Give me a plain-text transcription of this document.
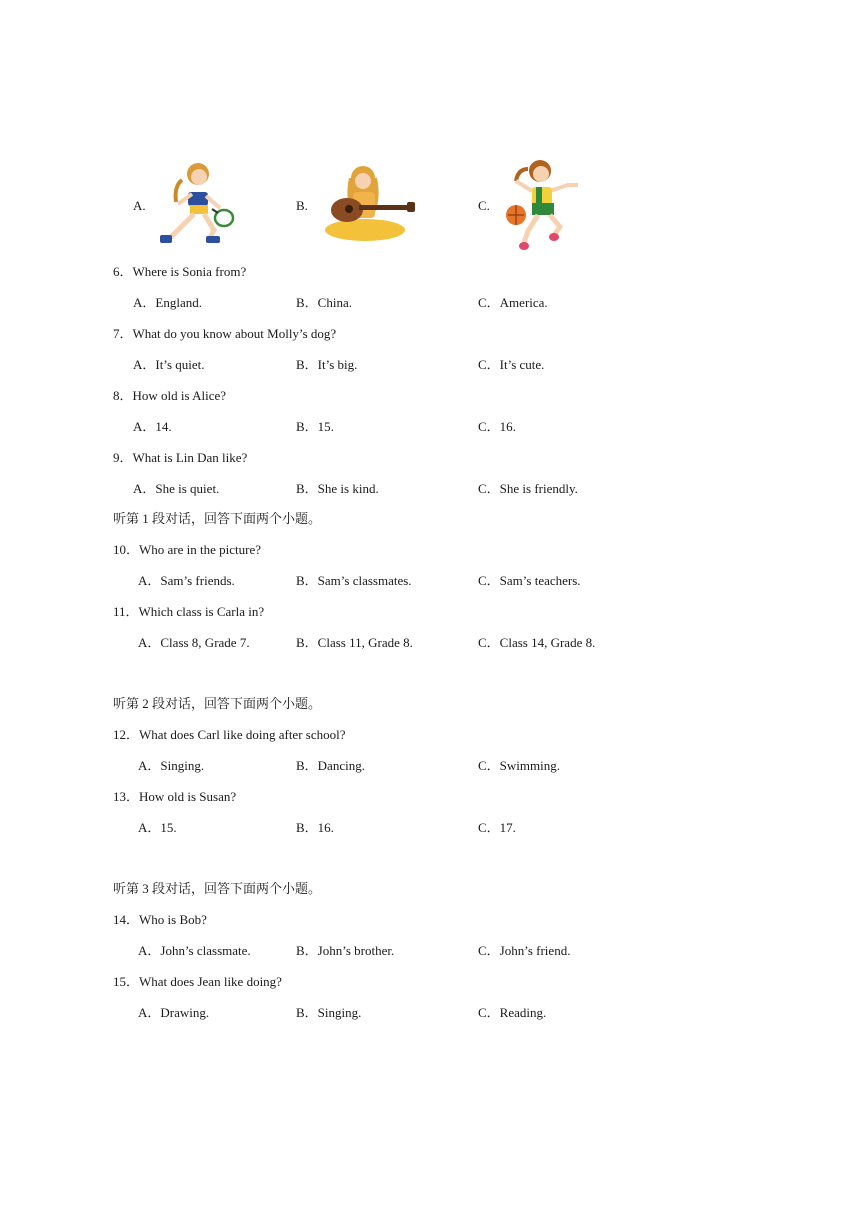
A.	B.	C.
6．Where is Sonia from?
A．England.	B．China.	C．America.
7．What do you know about Molly’s dog?
A．It’s quiet.	B．It’s big.	C．It’s cute.
8．How old is Alice?
A．14.	B．15.	C．16.
9．What is Lin Dan like?
A．She is quiet.	B．She is kind.	C．She is friendly.
听第 1 段对话，回答下面两个小题。
10．Who are in the picture?
A．Sam’s friends.	B．Sam’s classmates.	C．Sam’s teachers.
11．Which class is Carla in?
A．Class 8, Grade 7.	B．Class 11, Grade 8.	C．Class 14, Grade 8.
听第 2 段对话，回答下面两个小题。
12．What does Carl like doing after school?
A．Singing.	B．Dancing.	C．Swimming.
13．How old is Susan?
A．15.	B．16.	C．17.
听第 3 段对话，回答下面两个小题。
14．Who is Bob?
A．John’s classmate.	B．John’s brother.	C．John’s friend.
15．What does Jean like doing?
A．Drawing.	B．Singing.	C．Reading.
